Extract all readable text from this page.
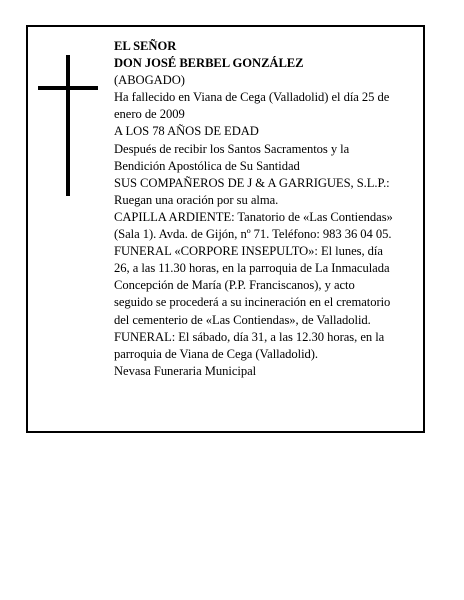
EL SEÑOR

DON JOSÉ BERBEL GONZÁLEZ

(ABOGADO)

Ha fallecido en Viana de Cega (Valladolid) el día 25 de

enero de 2009

A LOS 78 AÑOS DE EDAD

Después de recibir los Santos Sacramentos y la

Bendición Apostólica de Su Santidad

SUS COMPAÑEROS DE J & A GARRIGUES, S.L.P.:

Ruegan una oración por su alma.

CAPILLA ARDIENTE: Tanatorio de «Las Contiendas»

(Sala 1). Avda. de Gijón, nº 71. Teléfono: 983 36 04 05.

FUNERAL «CORPORE INSEPULTO»: El lunes, día

26, a las 11.30 horas, en la parroquia de La Inmaculada

Concepción de María (P.P. Franciscanos), y acto

seguido se procederá a su incineración en el crematorio

del cementerio de «Las Contiendas», de Valladolid.

FUNERAL: El sábado, día 31, a las 12.30 horas, en la

parroquia de Viana de Cega (Valladolid).

Nevasa Funeraria Municipal
